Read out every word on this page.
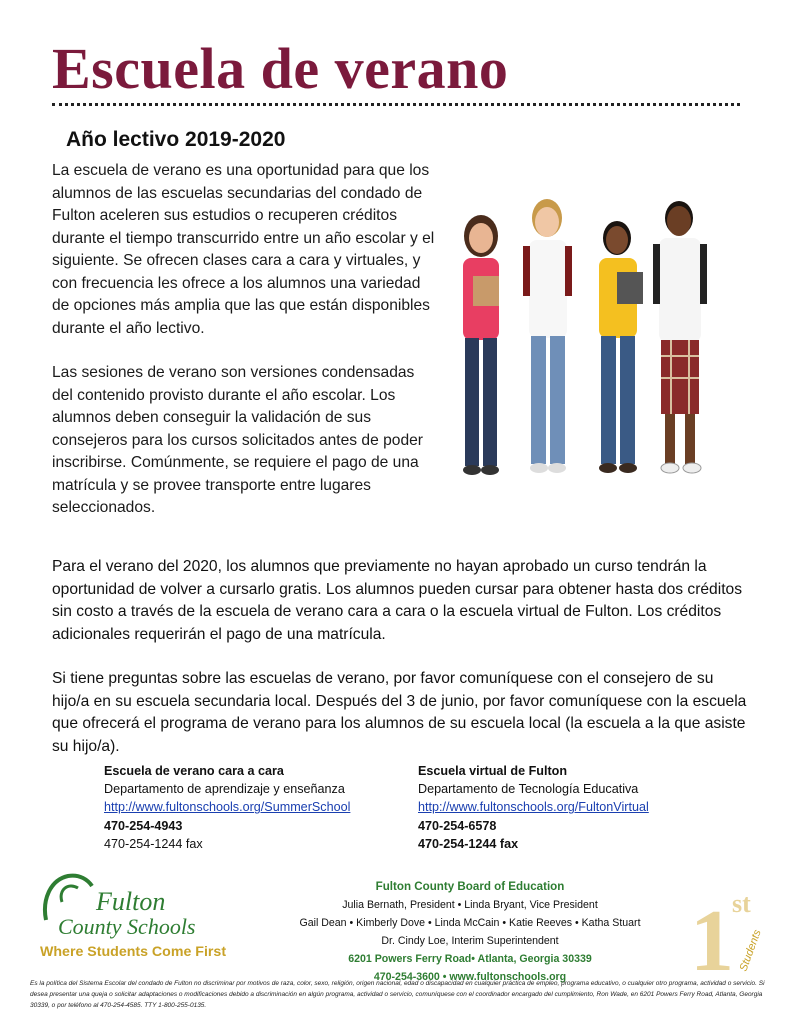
Escuela de verano
Año lectivo 2019-2020

La escuela de verano es una oportunidad para que los alumnos de las escuelas secundarias del condado de Fulton aceleren sus estudios o recuperen créditos durante el tiempo transcurrido entre un año escolar y el siguiente. Se ofrecen clases cara a cara y virtuales, y con frecuencia les ofrece a los alumnos una variedad de opciones más amplia que las que están disponibles durante el año lectivo.

Las sesiones de verano son versiones condensadas del contenido provisto durante el año escolar. Los alumnos deben conseguir la validación de sus consejeros para los cursos solicitados antes de poder inscribirse. Comúnmente, se requiere el pago de una matrícula y se provee transporte entre lugares seleccionados.

Para el verano del 2020, los alumnos que previamente no hayan aprobado un curso tendrán la oportunidad de volver a cursarlo gratis. Los alumnos pueden cursar para obtener hasta dos créditos sin costo a través de la escuela de verano cara a cara o la escuela virtual de Fulton. Los créditos adicionales requerirán el pago de una matrícula.

Si tiene preguntas sobre las escuelas de verano, por favor comuníquese con el consejero de su hijo/a en su escuela secundaria local. Después del 3 de junio, por favor comuníquese con la escuela que ofrecerá el programa de verano para los alumnos de su escuela local (la escuela a la que asiste su hijo/a).

Escuela de verano cara a cara
Departamento de aprendizaje y enseñanza
http://www.fultonschools.org/SummerSchool
470-254-4943
470-254-1244 fax
Escuela virtual de Fulton
Departamento de Tecnología Educativa
http://www.fultonschools.org/FultonVirtual
470-254-6578
470-254-1244 fax
Fulton
County Schools
Where Students Come First
Fulton County Board of Education
Julia Bernath, President • Linda Bryant, Vice President
Gail Dean • Kimberly Dove • Linda McCain • Katie Reeves • Katha Stuart
Dr. Cindy Loe, Interim Superintendent
6201 Powers Ferry Road• Atlanta, Georgia 30339
470-254-3600 • www.fultonschools.org	1
st
Students
Es la política del Sistema Escolar del condado de Fulton no discriminar por motivos de raza, color, sexo, religión, origen nacional, edad o discapacidad en cualquier práctica de empleo, programa educativo, o cualquier otro programa, actividad o servicio. Si desea presentar una queja o solicitar adaptaciones o modificaciones debido a discriminación en algún programa, actividad o servicio, comuníquese con el coordinador encargado del cumplimiento, Ron Wade, en 6201 Powers Ferry Road, Atlanta, Georgia 30339, o por teléfono al 470-254-4585. TTY 1-800-255-0135.
